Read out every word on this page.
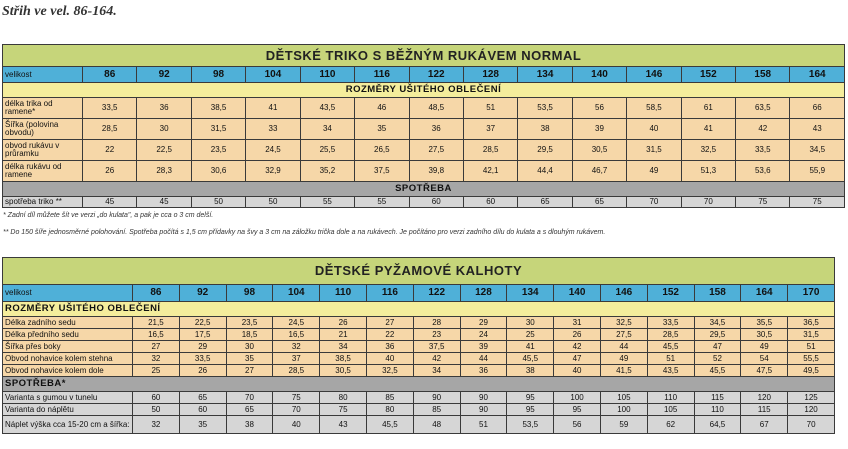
Střih ve vel. 86-164.
DĚTSKÉ TRIKO S BĚŽNÝM RUKÁVEM NORMAL														
velikost	86	92	98	104	110	116	122	128	134	140	146	152	158	164
ROZMĚRY UŠITÉHO OBLEČENÍ														
délka trika od ramene*	33,5	36	38,5	41	43,5	46	48,5	51	53,5	56	58,5	61	63,5	66
Šířka (polovina obvodu)	28,5	30	31,5	33	34	35	36	37	38	39	40	41	42	43
obvod rukávu v průramku	22	22,5	23,5	24,5	25,5	26,5	27,5	28,5	29,5	30,5	31,5	32,5	33,5	34,5
délka rukávu od ramene	26	28,3	30,6	32,9	35,2	37,5	39,8	42,1	44,4	46,7	49	51,3	53,6	55,9
SPOTŘEBA														
spotřeba triko **	45	45	50	50	55	55	60	60	65	65	70	70	75	75
* Zadní díl můžete šít ve verzi „do kulata", a pak je cca o 3 cm delší.
** Do 150 šíře jednosměrné polohování. Spotřeba počítá s 1,5 cm přídavky na švy a 3 cm na záložku trička dole a na rukávech. Je počítáno pro verzi zadního dílu do kulata a s dlouhým rukávem.
DĚTSKÉ PYŽAMOVÉ KALHOTY															
velikost	86	92	98	104	110	116	122	128	134	140	146	152	158	164	170
ROZMĚRY UŠITÉHO OBLEČENÍ															
Délka zadního sedu	21,5	22,5	23,5	24,5	26	27	28	29	30	31	32,5	33,5	34,5	35,5	36,5
Délka předního sedu	16,5	17,5	18,5	16,5	21	22	23	24	25	26	27,5	28,5	29,5	30,5	31,5
Šířka přes boky	27	29	30	32	34	36	37,5	39	41	42	44	45,5	47	49	51
Obvod nohavice kolem stehna	32	33,5	35	37	38,5	40	42	44	45,5	47	49	51	52	54	55,5
Obvod nohavice kolem dole	25	26	27	28,5	30,5	32,5	34	36	38	40	41,5	43,5	45,5	47,5	49,5
SPOTŘEBA*															
Varianta s gumou v tunelu	60	65	70	75	80	85	90	90	95	100	105	110	115	120	125
Varianta do náplětu	50	60	65	70	75	80	85	90	95	95	100	105	110	115	120
Náplet výška cca 15-20 cm a šířka:	32	35	38	40	43	45,5	48	51	53,5	56	59	62	64,5	67	70
